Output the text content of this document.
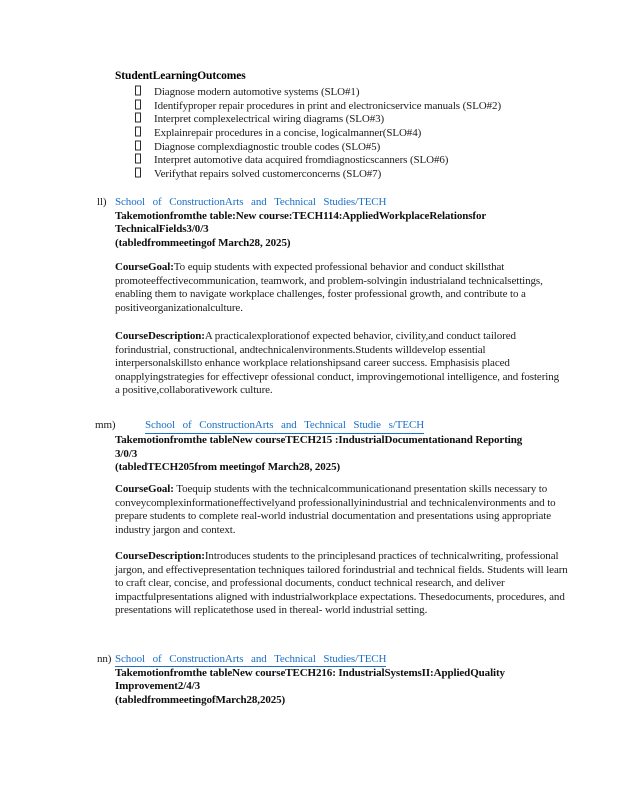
StudentLearningOutcomes
Diagnose modern automotive systems (SLO#1)
Identifyproper repair procedures in print and electronicservice manuals (SLO#2)
Interpret complexelectrical wiring diagrams (SLO#3)
Explainrepair procedures in a concise, logicalmanner(SLO#4)
Diagnose complexdiagnostic trouble codes (SLO#5)
Interpret automotive data acquired fromdiagnosticscanners (SLO#6)
Verifythat repairs solved customerconcerns (SLO#7)
ll) School of ConstructionArts and Technical Studies/TECH
Takemotionfromthe table:New course:TECH114:AppliedWorkplaceRelationsfor
TechnicalFields3/0/3
(tabledfrommeetingof March28, 2025)
CourseGoal:To equip students with expected professional behavior and conduct skillsthat promoteeffectivecommunication, teamwork, and problem-solvingin industrialand technicalsettings, enabling them to navigate workplace challenges, foster professional growth, and contribute to a positiveorganizationalculture.
CourseDescription:A practicalexplorationof expected behavior, civility,and conduct tailored forindustrial, constructional, andtechnicalenvironments.Students willdevelop essential interpersonalskillsto enhance workplace relationshipsand career success. Emphasisis placed onapplyingstrategies for effectivepr ofessional conduct, improvingemotional intelligence, and fostering a positive,collaborativework culture.
mm)	School of ConstructionArts and Technical Studie s/TECH
Takemotionfromthe tableNew courseTECH215 :IndustrialDocumentationand Reporting
3/0/3
(tabledTECH205from meetingof March28, 2025)
CourseGoal: Toequip students with the technicalcommunicationand presentation skills necessary to conveycomplexinformationeffectivelyand professionallyinindustrial and technicalenvironments and to prepare students to complete real-world industrial documentation and presentations using appropriate industry jargon and context.
CourseDescription:Introduces students to the principlesand practices of technicalwriting, professional jargon, and effectivepresentation techniques tailored forindustrial and technical fields. Students will learn to craft clear, concise, and professional documents, conduct technical research, and deliver impactfulpresentations aligned with industrialworkplace expectations. Thesedocuments, procedures, and presentations will replicatethose used in thereal- world industrial setting.
nn) School of ConstructionArts and Technical Studies/TECH
Takemotionfromthe tableNew courseTECH216: IndustrialSystemsII:AppliedQuality
Improvement2/4/3
(tabledfrommeetingofMarch28,2025)
